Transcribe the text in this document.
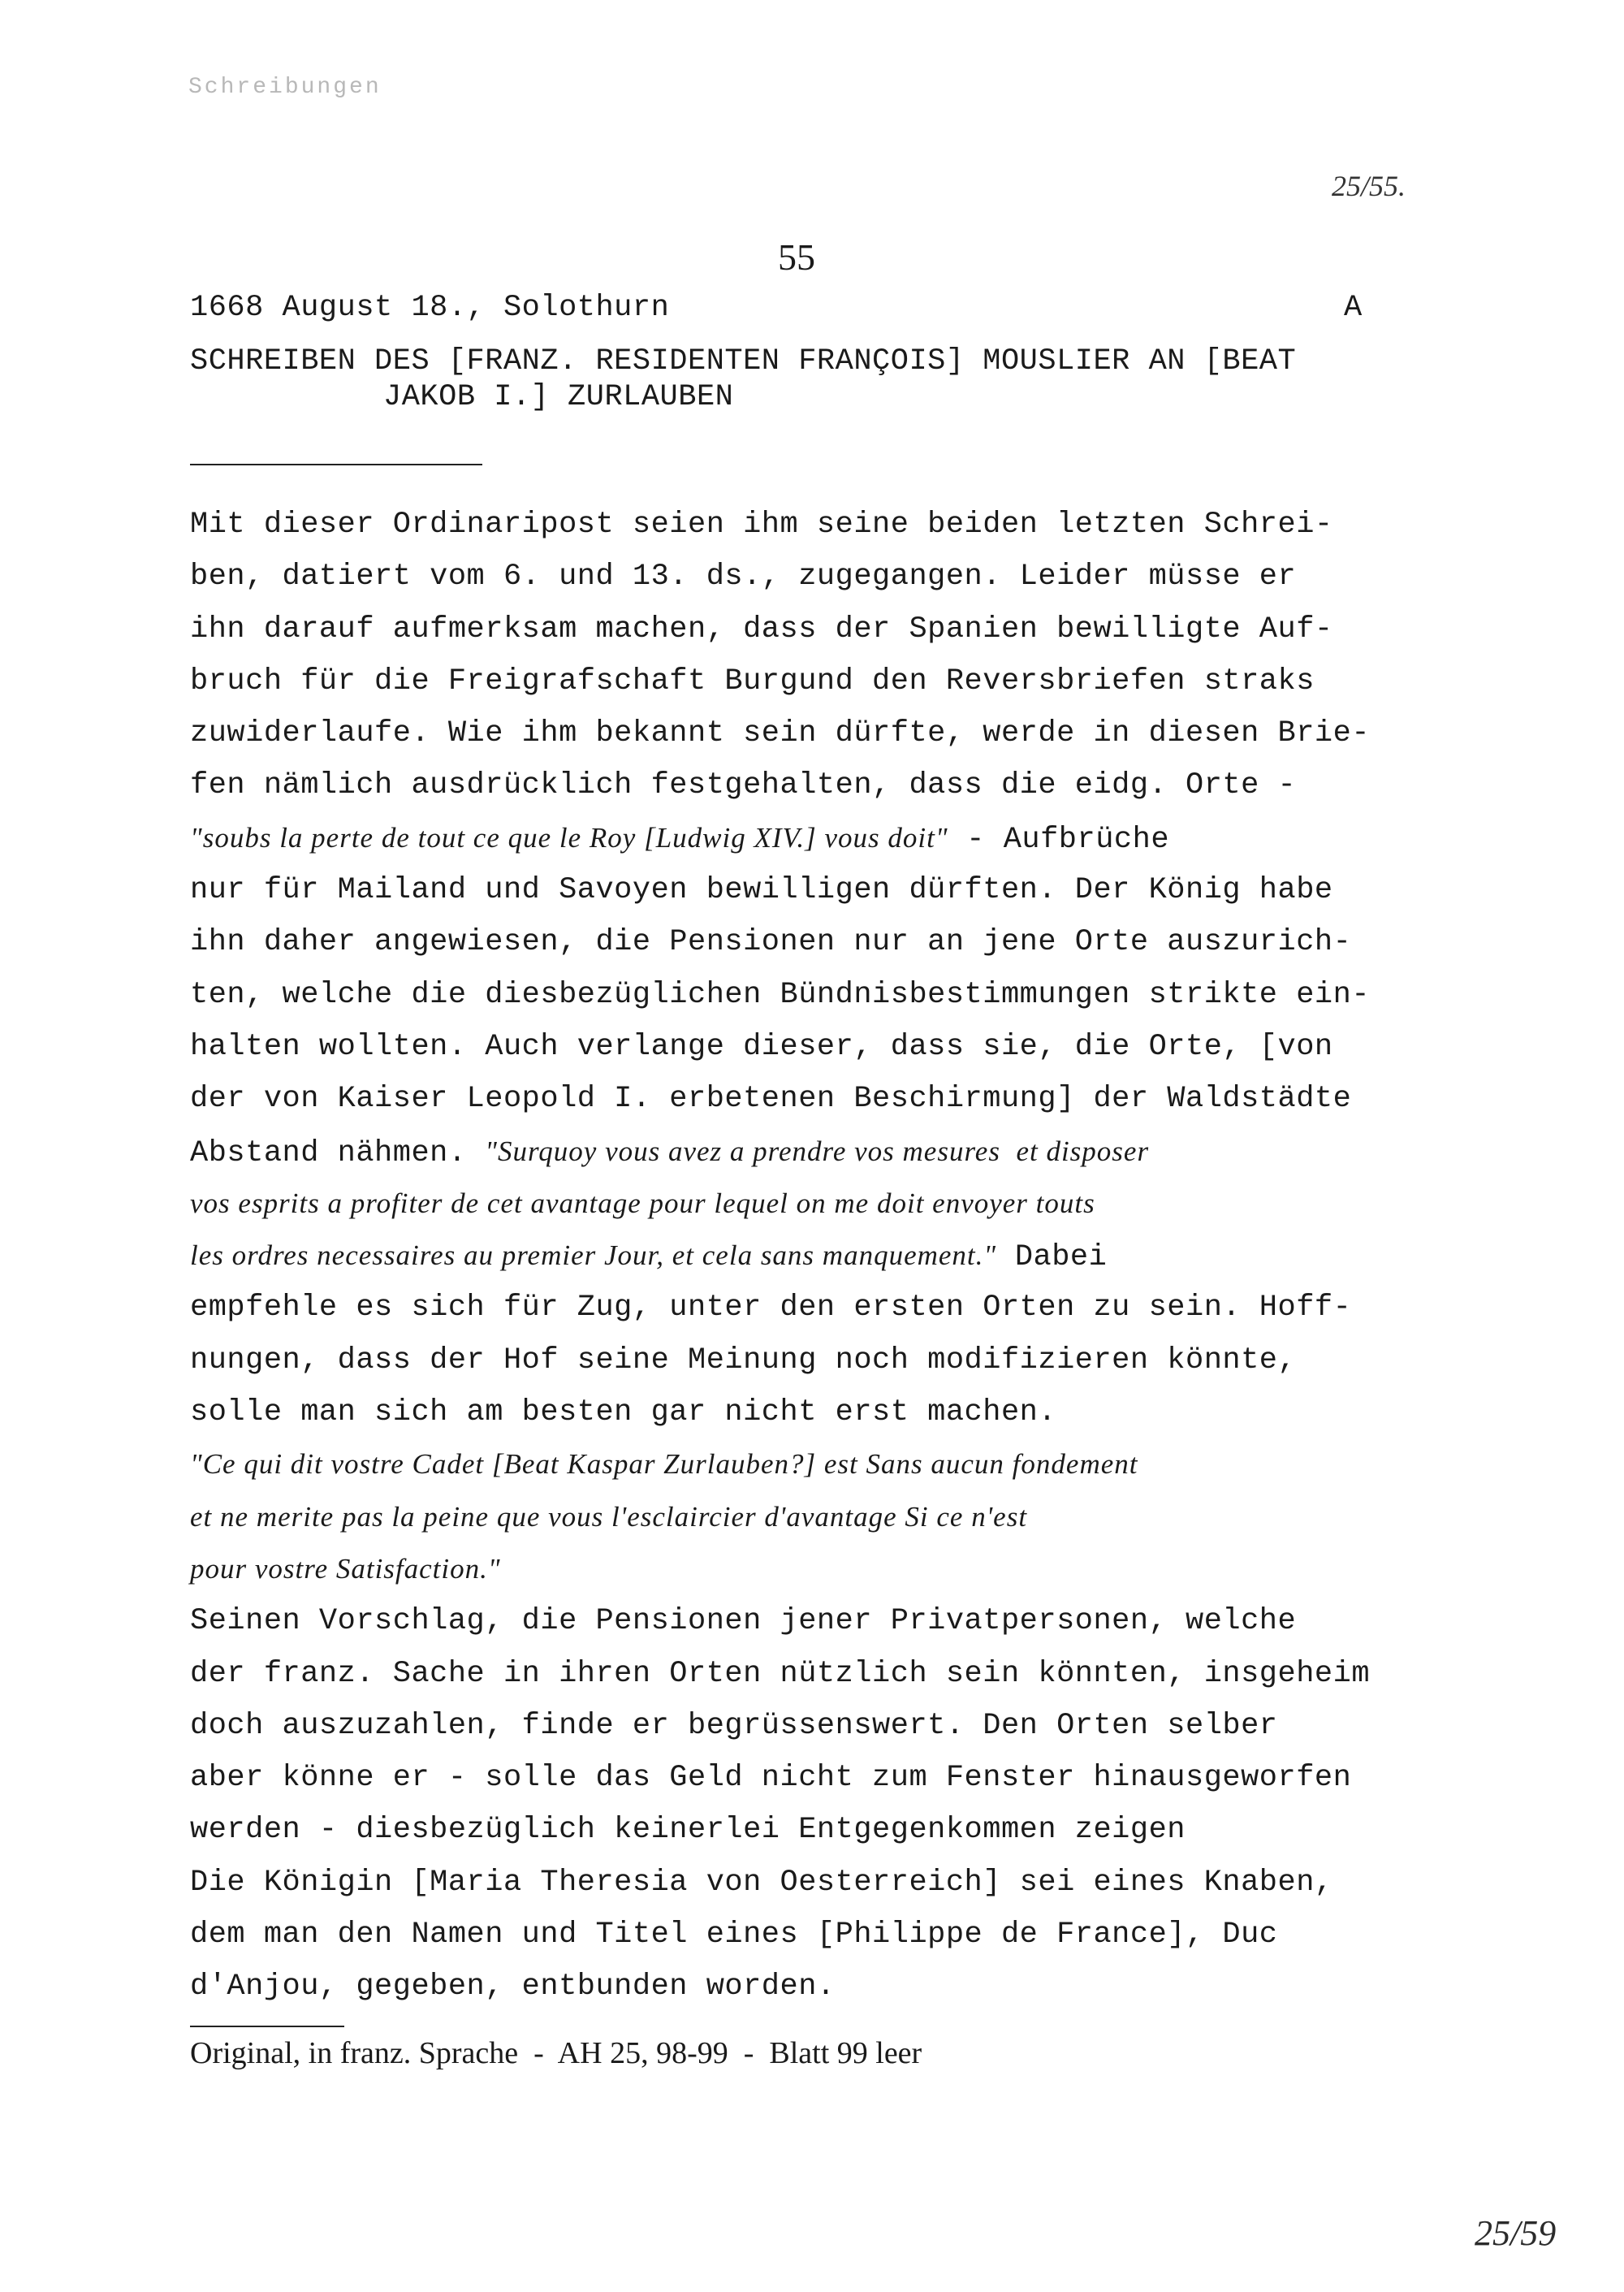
Schreibungen
25/55.
55
1668 August 18., Solothurn	A
SCHREIBEN DES [FRANZ. RESIDENTEN FRANÇOIS] MOUSLIER AN [BEAT
JAKOB I.] ZURLAUBEN
Mit dieser Ordinaripost seien ihm seine beiden letzten Schrei-
ben, datiert vom 6. und 13. ds., zugegangen. Leider müsse er
ihn darauf aufmerksam machen, dass der Spanien bewilligte Auf-
bruch für die Freigrafschaft Burgund den Reversbriefen straks
zuwiderlaufe. Wie ihm bekannt sein dürfte, werde in diesen Brie-
fen nämlich ausdrücklich festgehalten, dass die eidg. Orte -
"soubs la perte de tout ce que le Roy [Ludwig XIV.] vous doit" - Aufbrüche
nur für Mailand und Savoyen bewilligen dürften. Der König habe
ihn daher angewiesen, die Pensionen nur an jene Orte auszurich-
ten, welche die diesbezüglichen Bündnisbestimmungen strikte ein-
halten wollten. Auch verlange dieser, dass sie, die Orte, [von
der von Kaiser Leopold I. erbetenen Beschirmung] der Waldstädte
Abstand nähmen. "Surquoy vous avez a prendre vos mesures  et disposer
vos esprits a profiter de cet avantage pour lequel on me doit envoyer touts
les ordres necessaires au premier Jour, et cela sans manquement." Dabei
empfehle es sich für Zug, unter den ersten Orten zu sein. Hoff-
nungen, dass der Hof seine Meinung noch modifizieren könnte,
solle man sich am besten gar nicht erst machen.
"Ce qui dit vostre Cadet [Beat Kaspar Zurlauben?] est Sans aucun fondement
et ne merite pas la peine que vous l'esclaircier d'avantage Si ce n'est
pour vostre Satisfaction."
Seinen Vorschlag, die Pensionen jener Privatpersonen, welche
der franz. Sache in ihren Orten nützlich sein könnten, insgeheim
doch auszuzahlen, finde er begrüssenswert. Den Orten selber
aber könne er - solle das Geld nicht zum Fenster hinausgeworfen
werden - diesbezüglich keinerlei Entgegenkommen zeigen
Die Königin [Maria Theresia von Oesterreich] sei eines Knaben,
dem man den Namen und Titel eines [Philippe de France], Duc
d'Anjou, gegeben, entbunden worden.
Original, in franz. Sprache  -  AH 25, 98-99  -  Blatt 99 leer
25/59
